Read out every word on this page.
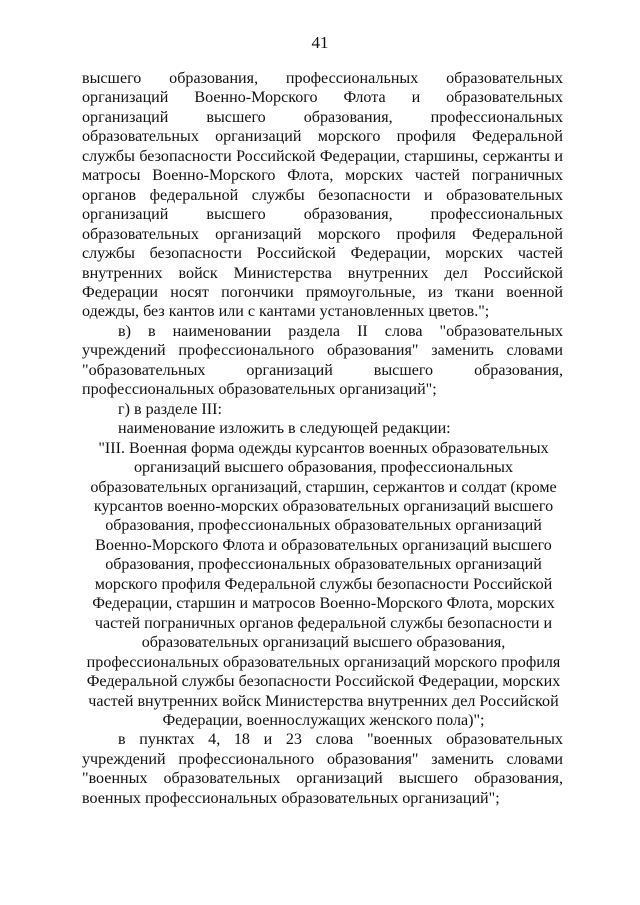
41

высшего образования, профессиональных образовательных

организаций Военно-Морского Флота и образовательных

организаций высшего образования, профессиональных

образовательных организаций морского профиля Федеральной

службы безопасности Российской Федерации, старшины, сержанты и

матросы Военно-Морского Флота, морских частей пограничных

органов федеральной службы безопасности и образовательных

организаций высшего образования, профессиональных

образовательных организаций морского профиля Федеральной

службы безопасности Российской Федерации, морских частей

внутренних войск Министерства внутренних дел Российской

Федерации носят погончики прямоугольные, из ткани военной

одежды, без кантов или с кантами установленных цветов.";

в) в наименовании раздела II слова "образовательных

учреждений профессионального образования" заменить словами

"образовательных организаций высшего образования,

профессиональных образовательных организаций";

г) в разделе III:

наименование изложить в следующей редакции:

"III. Военная форма одежды курсантов военных образовательных

организаций высшего образования, профессиональных

образовательных организаций, старшин, сержантов и солдат (кроме

курсантов военно-морских образовательных организаций высшего

образования, профессиональных образовательных организаций

Военно-Морского Флота и образовательных организаций высшего

образования, профессиональных образовательных организаций

морского профиля Федеральной службы безопасности Российской

Федерации, старшин и матросов Военно-Морского Флота, морских

частей пограничных органов федеральной службы безопасности и

образовательных организаций высшего образования,

профессиональных образовательных организаций морского профиля

Федеральной службы безопасности Российской Федерации, морских

частей внутренних войск Министерства внутренних дел Российской

Федерации, военнослужащих женского пола)";

в пунктах 4, 18 и 23 слова "военных образовательных

учреждений профессионального образования" заменить словами

"военных образовательных организаций высшего образования,

военных профессиональных образовательных организаций";
